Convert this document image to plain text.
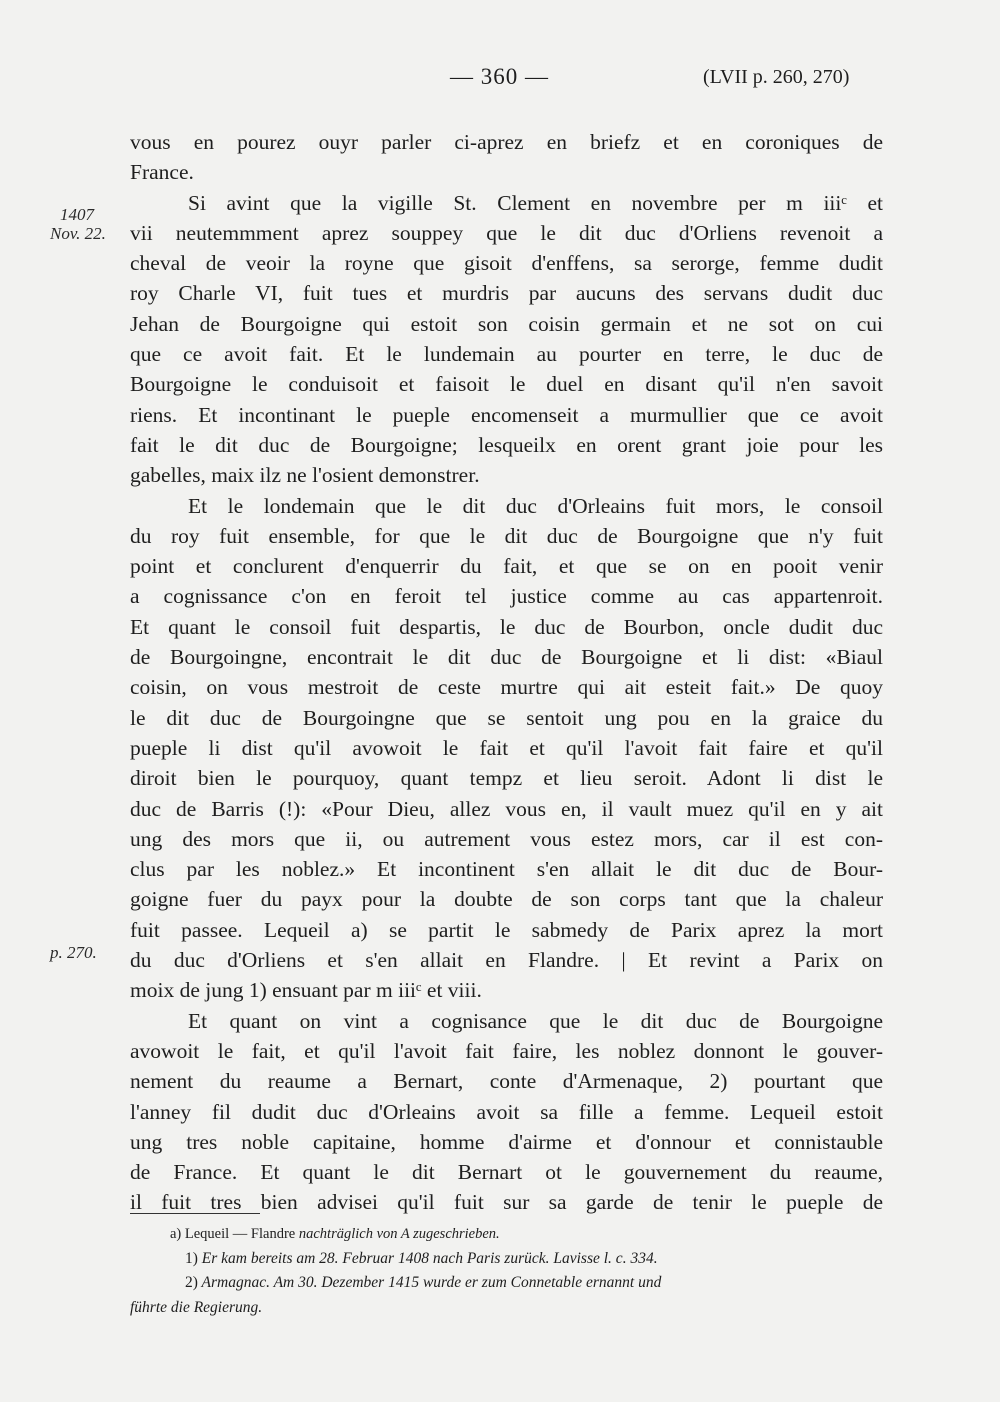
— 360 —	(LVII p. 260, 270)
1407
Nov. 22.
p. 270.
vous en pourez ouyr parler ci-aprez en briefz et en coroniques de
France.
Si avint que la vigille St. Clement en novembre per m iiiᶜ et
vii neutemmment aprez souppey que le dit duc d'Orliens revenoit a
cheval de veoir la royne que gisoit d'enffens, sa serorge, femme dudit
roy Charle VI, fuit tues et murdris par aucuns des servans dudit duc
Jehan de Bourgoigne qui estoit son coisin germain et ne sot on cui
que ce avoit fait. Et le lundemain au pourter en terre, le duc de
Bourgoigne le conduisoit et faisoit le duel en disant qu'il n'en savoit
riens. Et incontinant le pueple encomenseit a murmullier que ce avoit
fait le dit duc de Bourgoigne; lesqueilx en orent grant joie pour les
gabelles, maix ilz ne l'osient demonstrer.
Et le londemain que le dit duc d'Orleains fuit mors, le consoil
du roy fuit ensemble, for que le dit duc de Bourgoigne que n'y fuit
point et conclurent d'enquerrir du fait, et que se on en pooit venir
a cognissance c'on en feroit tel justice comme au cas appartenroit.
Et quant le consoil fuit despartis, le duc de Bourbon, oncle dudit duc
de Bourgoingne, encontrait le dit duc de Bourgoigne et li dist: «Biaul
coisin, on vous mestroit de ceste murtre qui ait esteit fait.» De quoy
le dit duc de Bourgoingne que se sentoit ung pou en la graice du
pueple li dist qu'il avowoit le fait et qu'il l'avoit fait faire et qu'il
diroit bien le pourquoy, quant tempz et lieu seroit. Adont li dist le
duc de Barris (!): «Pour Dieu, allez vous en, il vault muez qu'il en y ait
ung des mors que ii, ou autrement vous estez mors, car il est con-
clus par les noblez.» Et incontinent s'en allait le dit duc de Bour-
goigne fuer du payx pour la doubte de son corps tant que la chaleur
fuit passee. Lequeil a) se partit le sabmedy de Parix aprez la mort
du duc d'Orliens et s'en allait en Flandre. | Et revint a Parix on
moix de jung 1) ensuant par m iiiᶜ et viii.
Et quant on vint a cognisance que le dit duc de Bourgoigne
avowoit le fait, et qu'il l'avoit fait faire, les noblez donnont le gouver-
nement du reaume a Bernart, conte d'Armenaque, 2) pourtant que
l'anney fil dudit duc d'Orleains avoit sa fille a femme. Lequeil estoit
ung tres noble capitaine, homme d'airme et d'onnour et connistauble
de France. Et quant le dit Bernart ot le gouvernement du reaume,
il fuit tres bien advisei qu'il fuit sur sa garde de tenir le pueple de
a) Lequeil — Flandre nachträglich von A zugeschrieben.
1) Er kam bereits am 28. Februar 1408 nach Paris zurück. Lavisse l. c. 334.
2) Armagnac. Am 30. Dezember 1415 wurde er zum Connetable ernannt und
führte die Regierung.
